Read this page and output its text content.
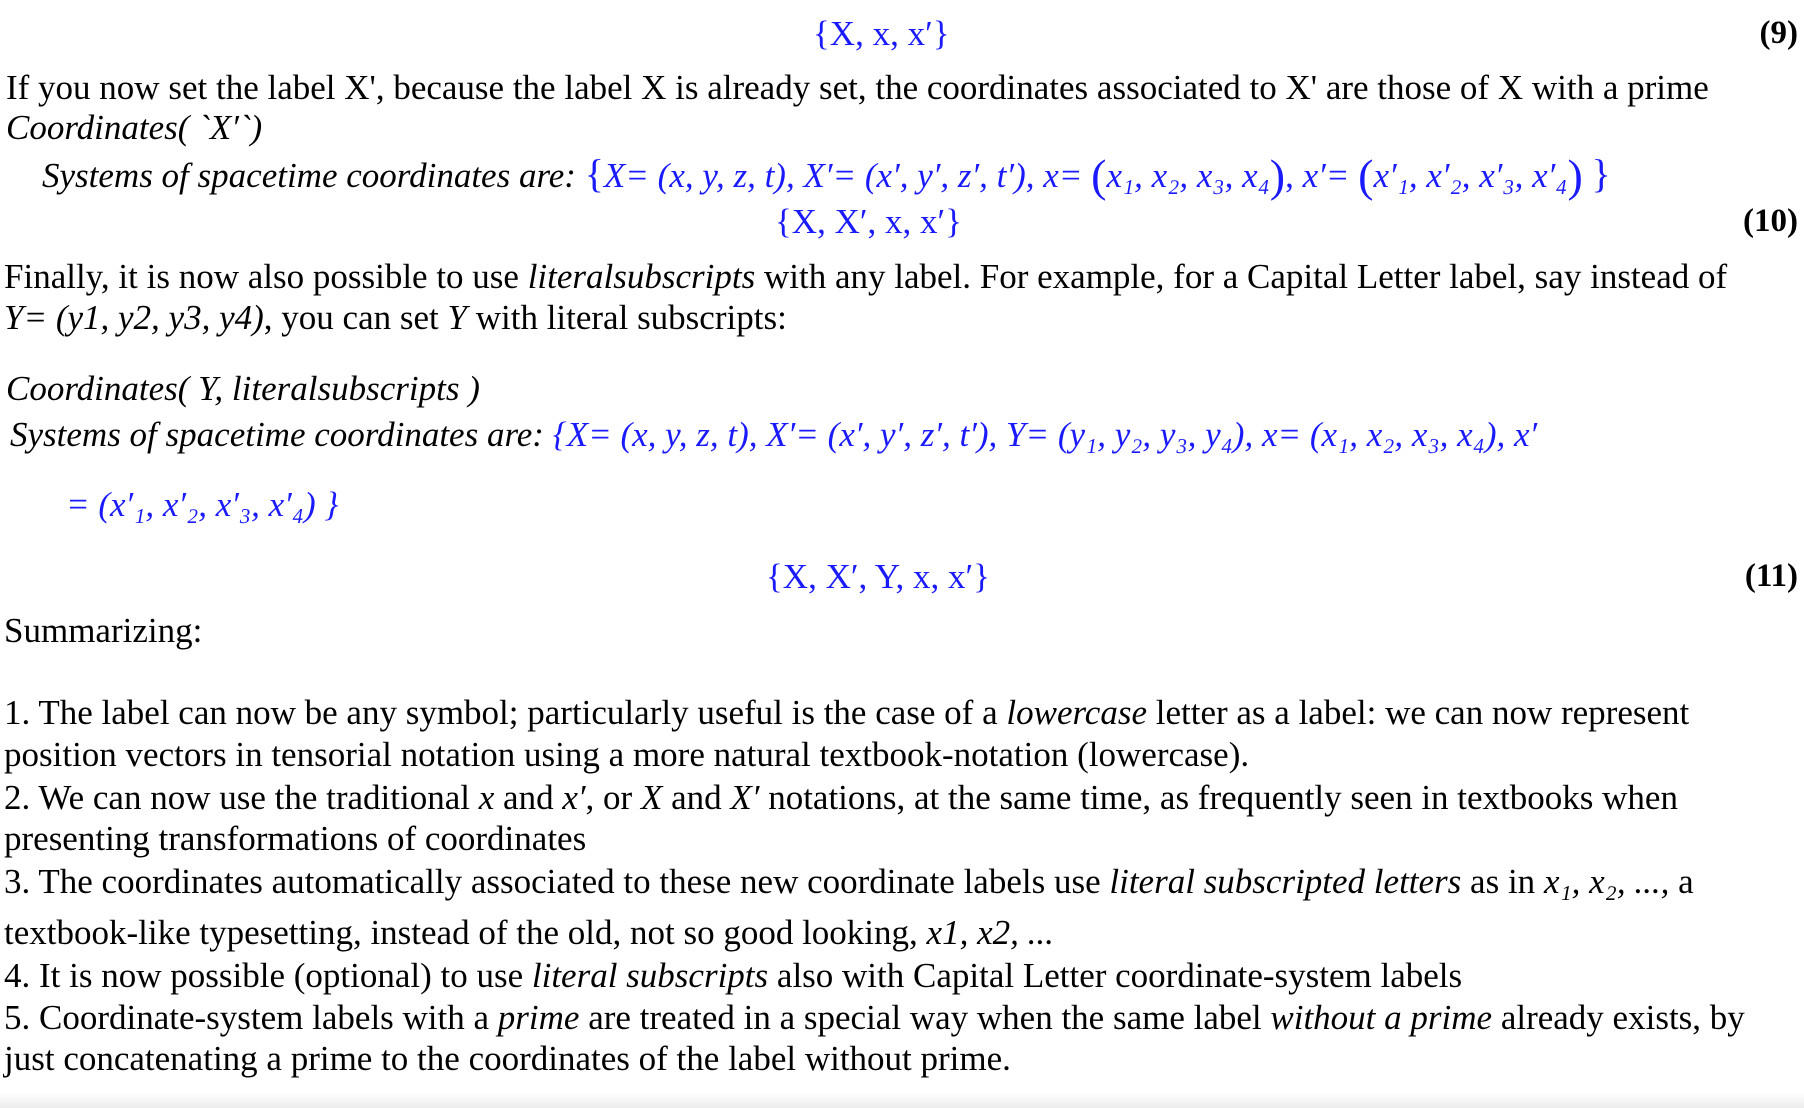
{X, x, x′}	(9)
If you now set the label X', because the label X is already set, the coordinates associated to X' are those of X with a prime
Coordinates( `X′`)
Systems of spacetime coordinates are: {X= (x, y, z, t), X′= (x′, y′, z′, t′), x= (x₁, x₂, x₃, x₄), x′= (x′₁, x′₂, x′₃, x′₄) }
{X, X′, x, x′}	(10)
Finally, it is now also possible to use literalsubscripts with any label. For example, for a Capital Letter label, say instead of
Y= (y1, y2, y3, y4), you can set Y with literal subscripts:
Coordinates( Y, literalsubscripts )
Systems of spacetime coordinates are: {X= (x, y, z, t), X′= (x′, y′, z′, t′), Y= (y₁, y₂, y₃, y₄), x= (x₁, x₂, x₃, x₄), x′
= (x′₁, x′₂, x′₃, x′₄) }
{X, X′, Y, x, x′}	(11)
Summarizing:
1. The label can now be any symbol; particularly useful is the case of a lowercase letter as a label: we can now represent
position vectors in tensorial notation using a more natural textbook-notation (lowercase).
2. We can now use the traditional x and x′, or X and X′ notations, at the same time, as frequently seen in textbooks when
presenting transformations of coordinates
3. The coordinates automatically associated to these new coordinate labels use literal subscripted letters as in x₁, x₂, ..., a
textbook-like typesetting, instead of the old, not so good looking, x1, x2, ...
4. It is now possible (optional) to use literal subscripts also with Capital Letter coordinate-system labels
5. Coordinate-system labels with a prime are treated in a special way when the same label without a prime already exists, by
just concatenating a prime to the coordinates of the label without prime.
